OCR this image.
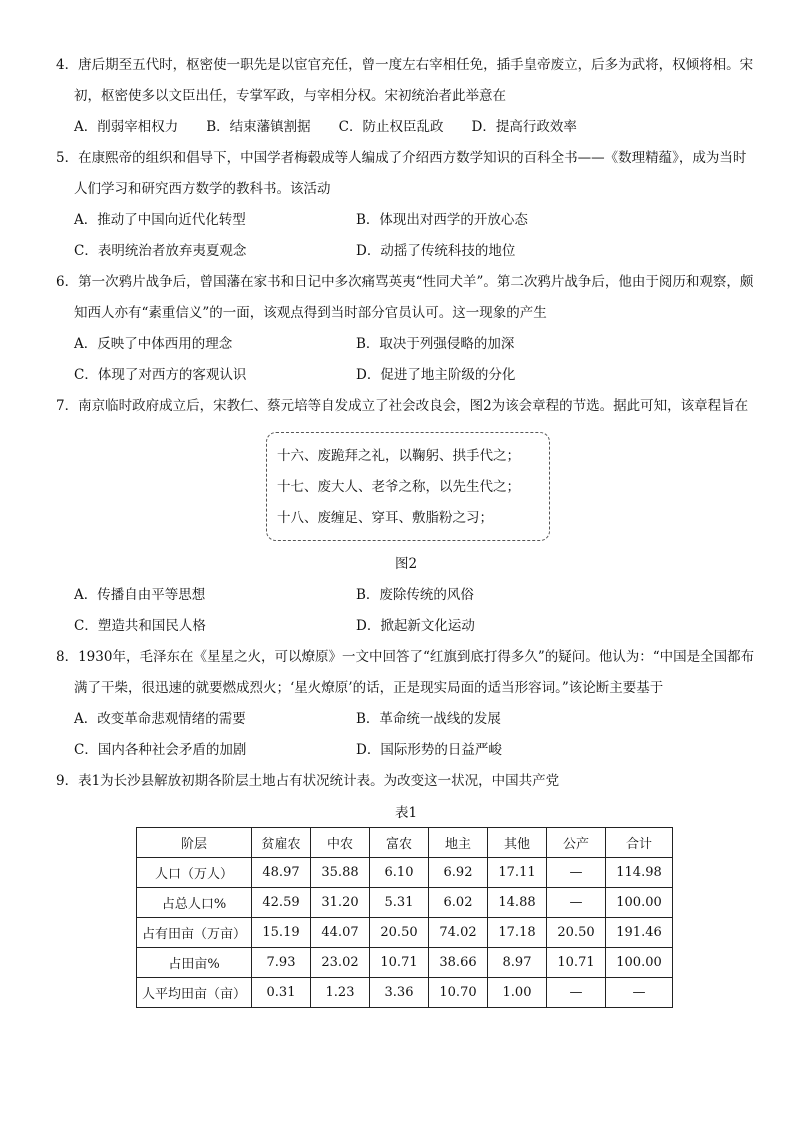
4．唐后期至五代时，枢密使一职先是以宦官充任，曾一度左右宰相任免，插手皇帝废立，后多为武将，权倾将相。宋初，枢密使多以文臣出任，专掌军政，与宰相分权。宋初统治者此举意在

A．削弱宰相权力 B．结束藩镇割据 C．防止权臣乱政 D．提高行政效率

5．在康熙帝的组织和倡导下，中国学者梅毂成等人编成了介绍西方数学知识的百科全书——《数理精蕴》，成为当时人们学习和研究西方数学的教科书。该活动

A．推动了中国向近代化转型	B．体现出对西学的开放心态
C．表明统治者放弃夷夏观念	D．动摇了传统科技的地位

6．第一次鸦片战争后，曾国藩在家书和日记中多次痛骂英夷“性同犬羊”。第二次鸦片战争后，他由于阅历和观察，颇知西人亦有“素重信义”的一面，该观点得到当时部分官员认可。这一现象的产生

A．反映了中体西用的理念	B．取决于列强侵略的加深
C．体现了对西方的客观认识	D．促进了地主阶级的分化

7．南京临时政府成立后，宋教仁、蔡元培等自发成立了社会改良会，图2为该会章程的节选。据此可知，该章程旨在

十六、废跪拜之礼，以鞠躬、拱手代之；
十七、废大人、老爷之称，以先生代之；
十八、废缠足、穿耳、敷脂粉之习；
图2
A．传播自由平等思想	B．废除传统的风俗
C．塑造共和国民人格	D．掀起新文化运动

8．1930年，毛泽东在《星星之火，可以燎原》一文中回答了“红旗到底打得多久”的疑问。他认为：“中国是全国都布满了干柴，很迅速的就要燃成烈火；‘星火燎原’的话，正是现实局面的适当形容词。”该论断主要基于

A．改变革命悲观情绪的需要	B．革命统一战线的发展
C．国内各种社会矛盾的加剧	D．国际形势的日益严峻

9．表1为长沙县解放初期各阶层土地占有状况统计表。为改变这一状况，中国共产党

表1
阶层	贫雇农	中农	富农	地主	其他	公产	合计
人口（万人）	48.97	35.88	6.10	6.92	17.11	—	114.98
占总人口%	42.59	31.20	5.31	6.02	14.88	—	100.00
占有田亩（万亩）	15.19	44.07	20.50	74.02	17.18	20.50	191.46
占田亩%	7.93	23.02	10.71	38.66	8.97	10.71	100.00
人平均田亩（亩）	0.31	1.23	3.36	10.70	1.00	—	—
